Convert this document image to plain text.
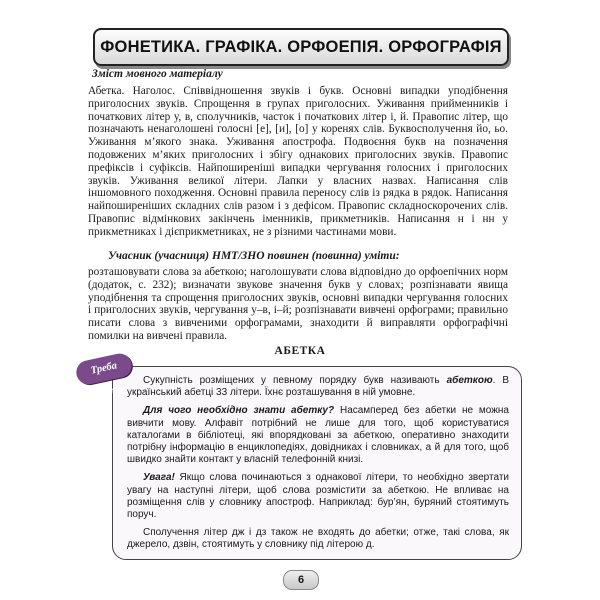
ФОНЕТИКА. ГРАФІКА. ОРФОЕПІЯ. ОРФОГРАФІЯ
Зміст мовного матеріалу

Абетка. Наголос. Співвідношення звуків і букв. Основні випадки уподібнення приголосних звуків. Спрощення в групах приголосних. Уживання прийменників і початкових літер у, в, сполучників, часток і початкових літер і, й. Правопис літер, що позначають ненаголошені голосні [е], [и], [о] у коренях слів. Буквосполучення йо, ьо. Уживання м’якого знака. Уживання апострофа. Подвоєння букв на позначення подовжених м’яких приголосних і збігу однакових приголосних звуків. Правопис префіксів і суфіксів. Найпоширеніші випадки чергування голосних і приголосних звуків. Уживання великої літери. Лапки у власних назвах. Написання слів іншомовного походження. Основні правила переносу слів із рядка в рядок. Написання найпоширеніших складних слів разом і з дефісом. Правопис складноскорочених слів. Правопис відмінкових закінчень іменників, прикметників. Написання н і нн у прикметниках і дієприкметниках, не з різними частинами мови.

Учасник (учасниця) НМТ/ЗНО повинен (повинна) уміти:

розташовувати слова за абеткою; наголошувати слова відповідно до орфоепічних норм (додаток, с. 232); визначати звукове значення букв у словах; розпізнавати явища уподібнення та спрощення приголосних звуків, основні випадки чергування голосних і приголосних звуків, чергування у–в, і–й; розпізнавати вивчені орфограми; правильно писати слова з вивченими орфограмами, знаходити й виправляти орфографічні помилки на вивчені правила.

АБЕТКА
Треба знати

Сукупність розміщених у певному порядку букв називають абеткою. В український абетці 33 літери. Їхнє розташування в ній умовне.

Для чого необхідно знати абетку? Насамперед без абетки не можна вивчити мову. Алфавіт потрібний не лише для того, щоб користуватися каталогами в бібліотеці, які впорядковані за абеткою, оперативно знаходити потрібну інформацію в енциклопедіях, довідниках і словниках, а й для того, щоб швидко знайти контакт у власній телефонній книзі.

Увага! Якщо слова починаються з однакової літери, то необхідно звертати увагу на наступні літери, щоб слова розмістити за абеткою. Не впливає на розміщення слів у словнику апостроф. Наприклад: бур’ян, буряний стоятимуть поруч.

Сполучення літер дж і дз також не входять до абетки; отже, такі слова, як джерело, дзвін, стоятимуть у словнику під літерою д.

6
